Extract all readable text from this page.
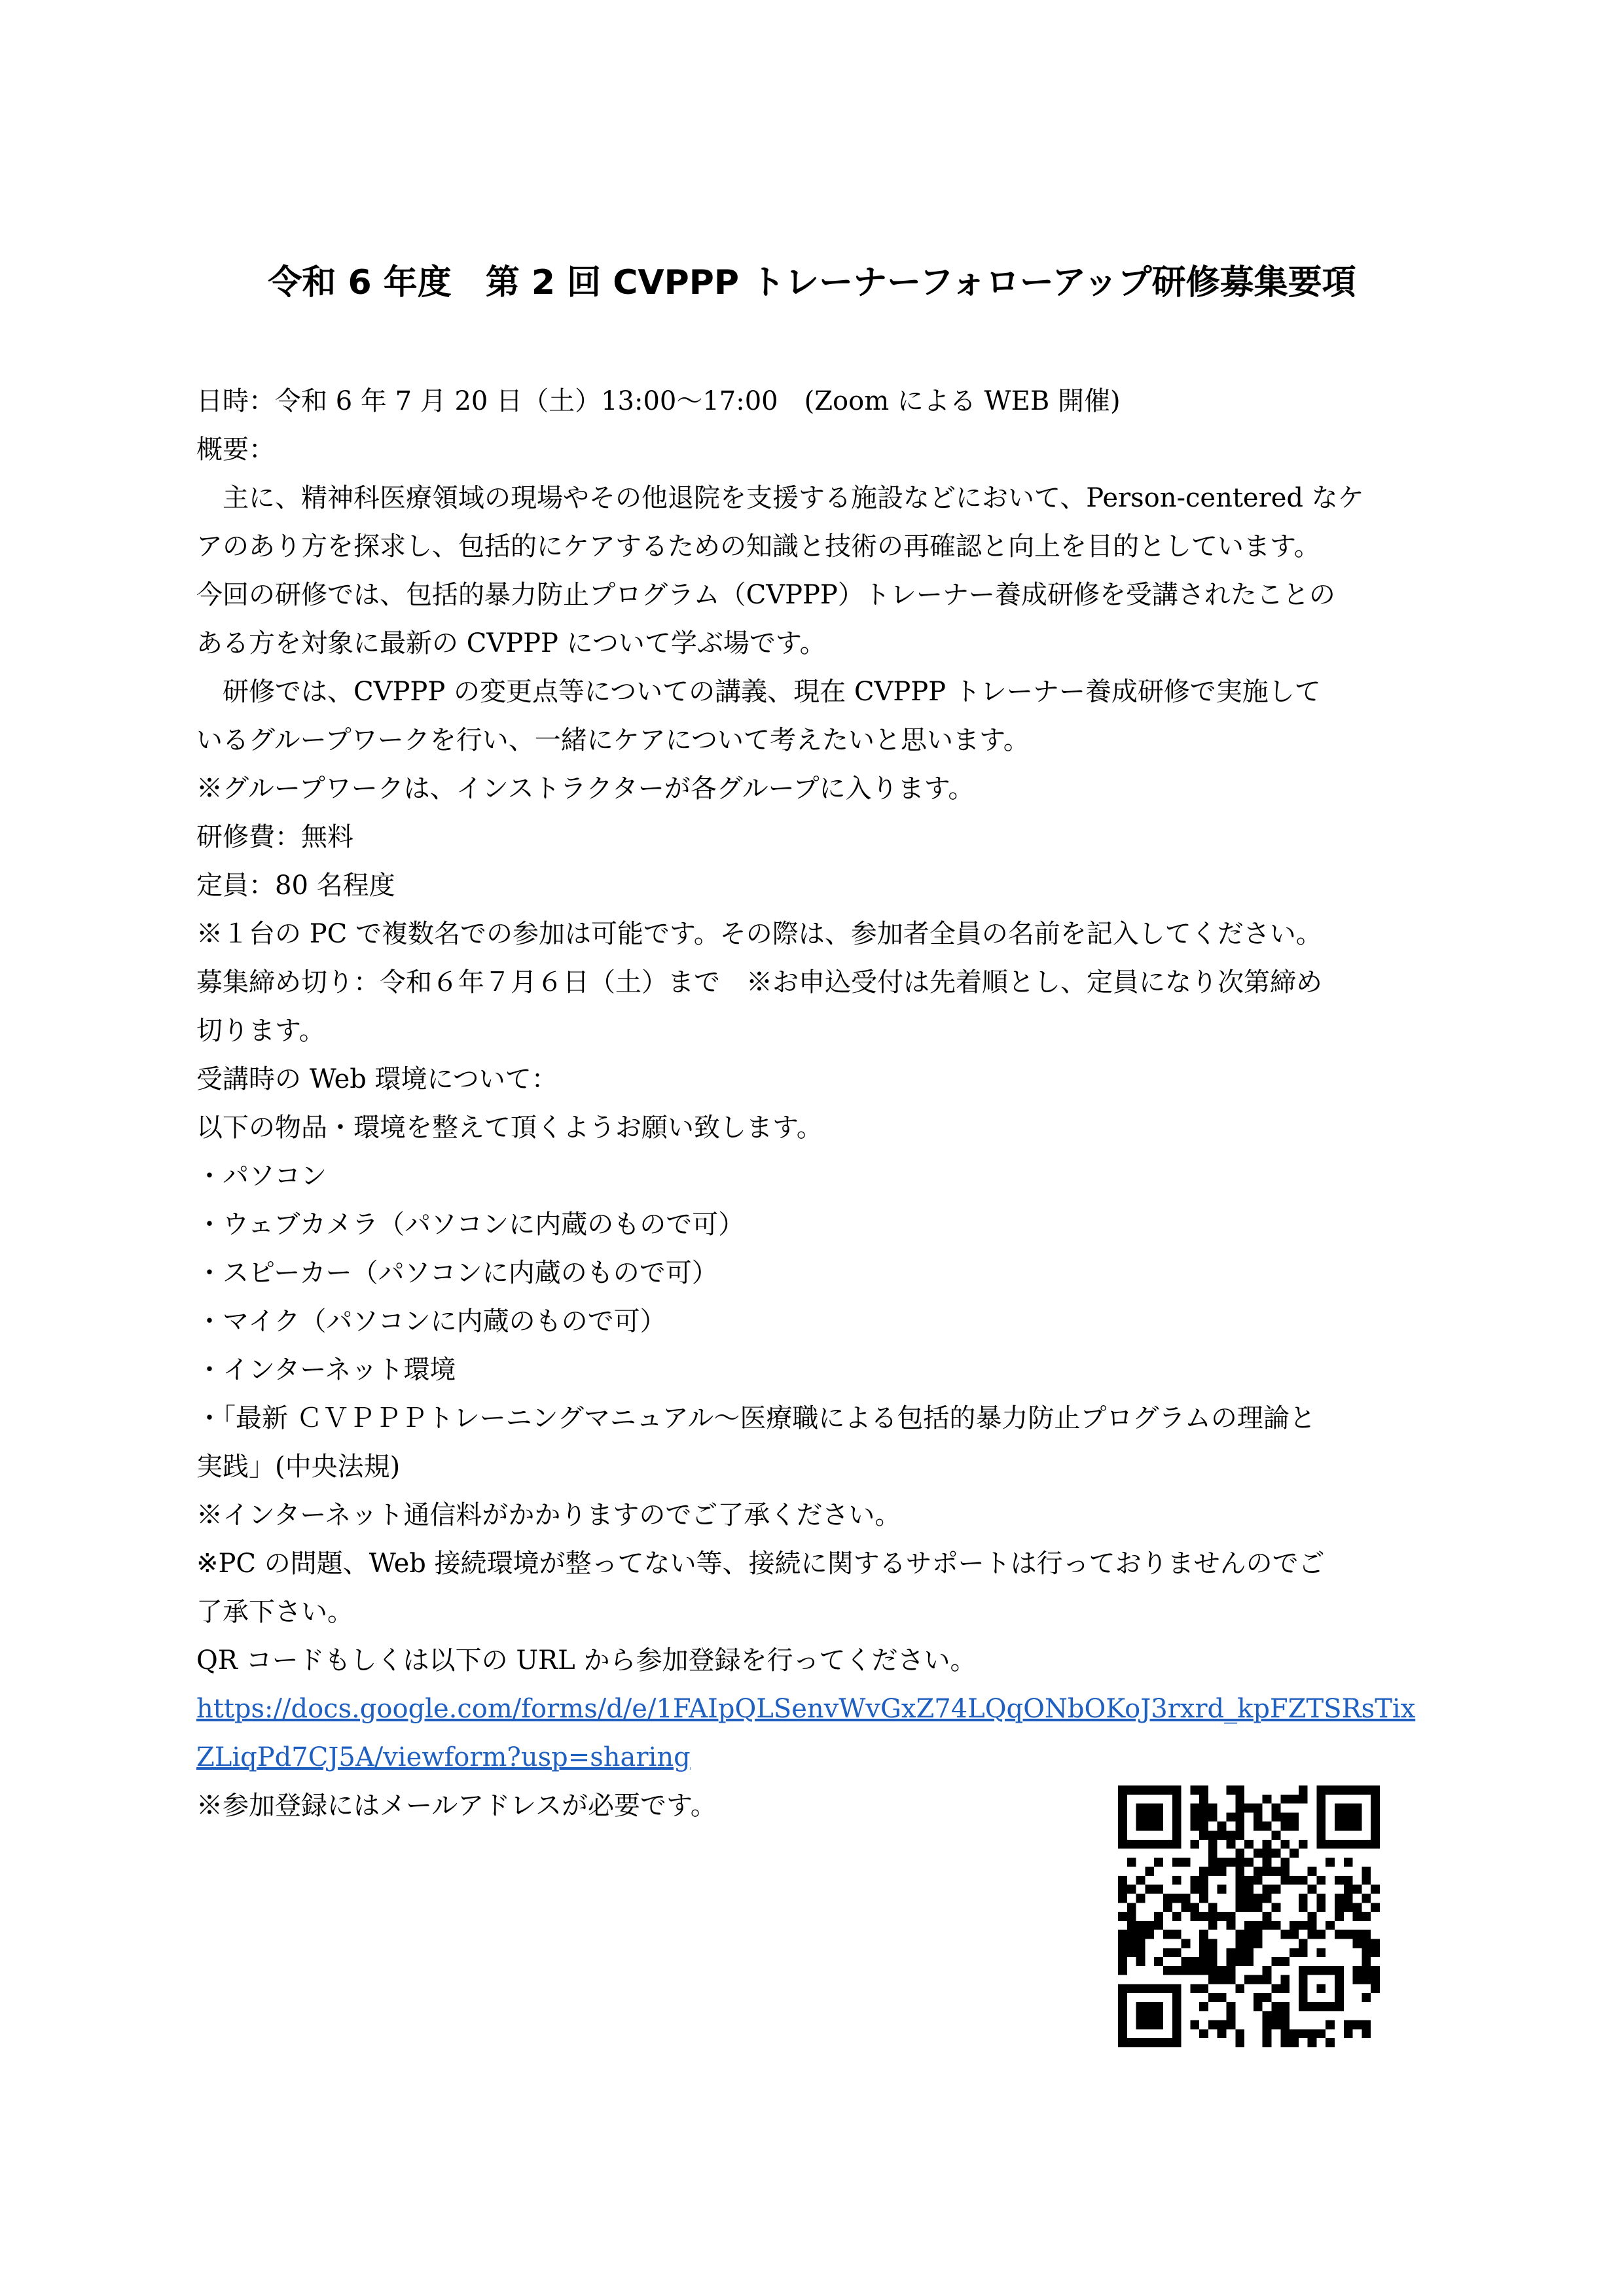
令和 6 年度　第 2 回 CVPPP トレーナーフォローアップ研修募集要項
日時：令和 6 年 7 月 20 日（土）13:00〜17:00　(Zoom による WEB 開催)
概要：
　主に、精神科医療領域の現場やその他退院を支援する施設などにおいて、Person-centered なケ
アのあり方を探求し、包括的にケアするための知識と技術の再確認と向上を目的としています。
今回の研修では、包括的暴力防止プログラム（CVPPP）トレーナー養成研修を受講されたことの
ある方を対象に最新の CVPPP について学ぶ場です。
　研修では、CVPPP の変更点等についての講義、現在 CVPPP トレーナー養成研修で実施して
いるグループワークを行い、一緒にケアについて考えたいと思います。
※グループワークは、インストラクターが各グループに入ります。
研修費：無料
定員：80 名程度
※１台の PC で複数名での参加は可能です。その際は、参加者全員の名前を記入してください。
募集締め切り：令和６年７月６日（土）まで　※お申込受付は先着順とし、定員になり次第締め
切ります。
受講時の Web 環境について：
以下の物品・環境を整えて頂くようお願い致します。
・パソコン
・ウェブカメラ（パソコンに内蔵のもので可）
・スピーカー（パソコンに内蔵のもので可）
・マイク（パソコンに内蔵のもので可）
・インターネット環境
・「最新 ＣＶＰＰＰトレーニングマニュアル〜医療職による包括的暴力防止プログラムの理論と
実践」(中央法規)
※インターネット通信料がかかりますのでご了承ください。
※PC の問題、Web 接続環境が整ってない等、接続に関するサポートは行っておりませんのでご
了承下さい。
QR コードもしくは以下の URL から参加登録を行ってください。
https://docs.google.com/forms/d/e/1FAIpQLSenvWvGxZ74LQqONbOKoJ3rxrd_kpFZTSRsTix
ZLiqPd7CJ5A/viewform?usp=sharing
※参加登録にはメールアドレスが必要です。
